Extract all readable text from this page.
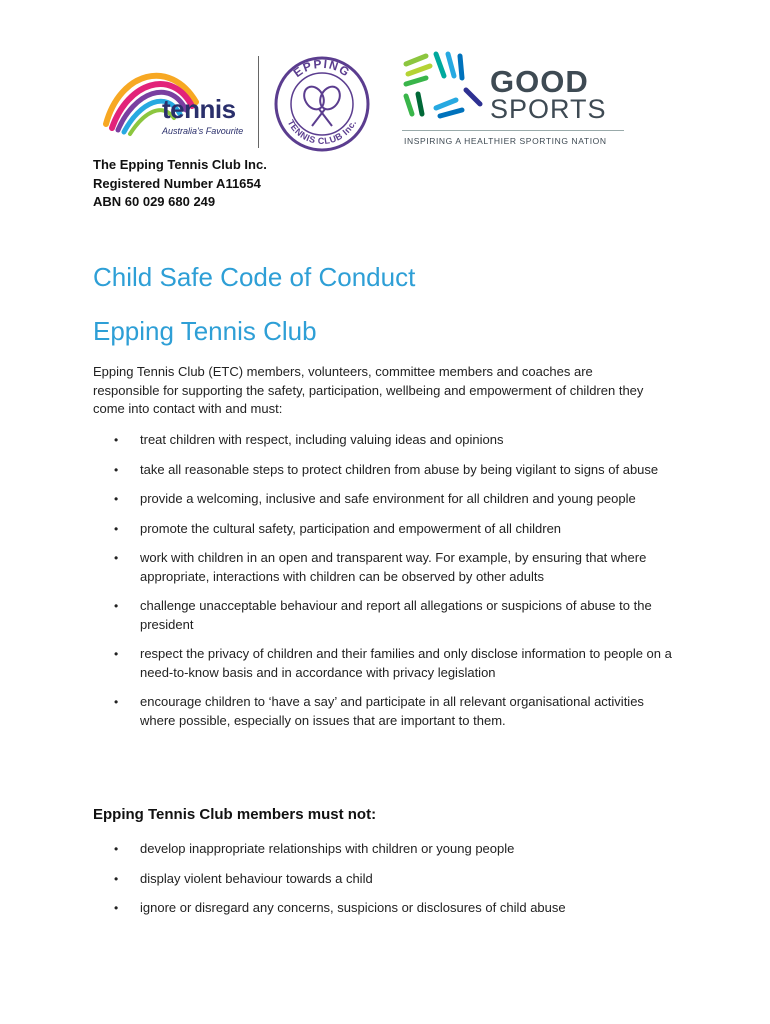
tennis
Australia's Favourite
EPPING
TENNIS CLUB Inc.
GOOD
SPORTS
INSPIRING A HEALTHIER SPORTING NATION
The Epping Tennis Club Inc.
Registered Number A11654
ABN 60 029 680 249
Child Safe Code of Conduct
Epping Tennis Club
Epping Tennis Club (ETC) members, volunteers, committee members and coaches are responsible for supporting the safety, participation, wellbeing and empowerment of children they come into contact with and must:
• treat children with respect, including valuing ideas and opinions
• take all reasonable steps to protect children from abuse by being vigilant to signs of abuse
• provide a welcoming, inclusive and safe environment for all children and young people
• promote the cultural safety, participation and empowerment of all children
• work with children in an open and transparent way. For example, by ensuring that where appropriate, interactions with children can be observed by other adults
• challenge unacceptable behaviour and report all allegations or suspicions of abuse to the president
• respect the privacy of children and their families and only disclose information to people on a need-to-know basis and in accordance with privacy legislation
• encourage children to ‘have a say’ and participate in all relevant organisational activities where possible, especially on issues that are important to them.
Epping Tennis Club members must not:
• develop inappropriate relationships with children or young people
• display violent behaviour towards a child
• ignore or disregard any concerns, suspicions or disclosures of child abuse
